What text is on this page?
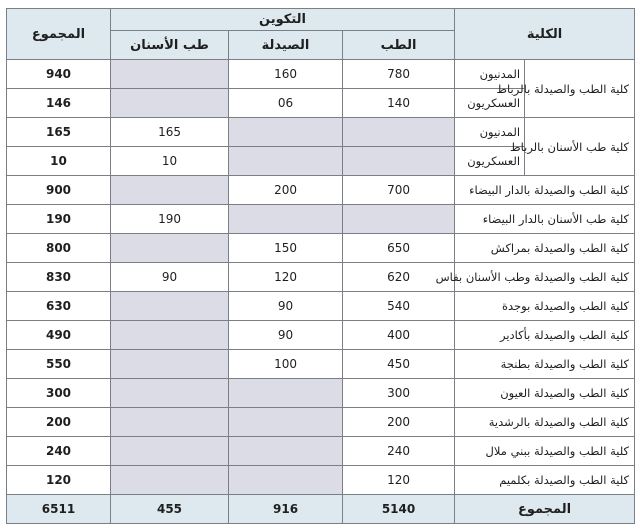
الكلية		التكوين			المجموع
		الطب	الصيدلة	طب الأسنان	
كلية الطب والصيدلة بالرباط	المدنيون	780	160		940
	العسكريون	140	06		146
كلية طب الأسنان بالرباط	المدنيون			165	165
	العسكريون			10	10
كلية الطب والصيدلة بالدار البيضاء		700	200		900
كلية طب الأسنان بالدار البيضاء				190	190
كلية الطب والصيدلة بمراكش		650	150		800
كلية الطب والصيدلة وطب الأسنان بفاس		620	120	90	830
كلية الطب والصيدلة بوجدة		540	90		630
كلية الطب والصيدلة بأكادير		400	90		490
كلية الطب والصيدلة بطنجة		450	100		550
كلية الطب والصيدلة العيون		300			300
كلية الطب والصيدلة بالرشدية		200			200
كلية الطب والصيدلة ببني ملال		240			240
كلية الطب والصيدلة بكلميم		120			120
المجموع		5140	916	455	6511
